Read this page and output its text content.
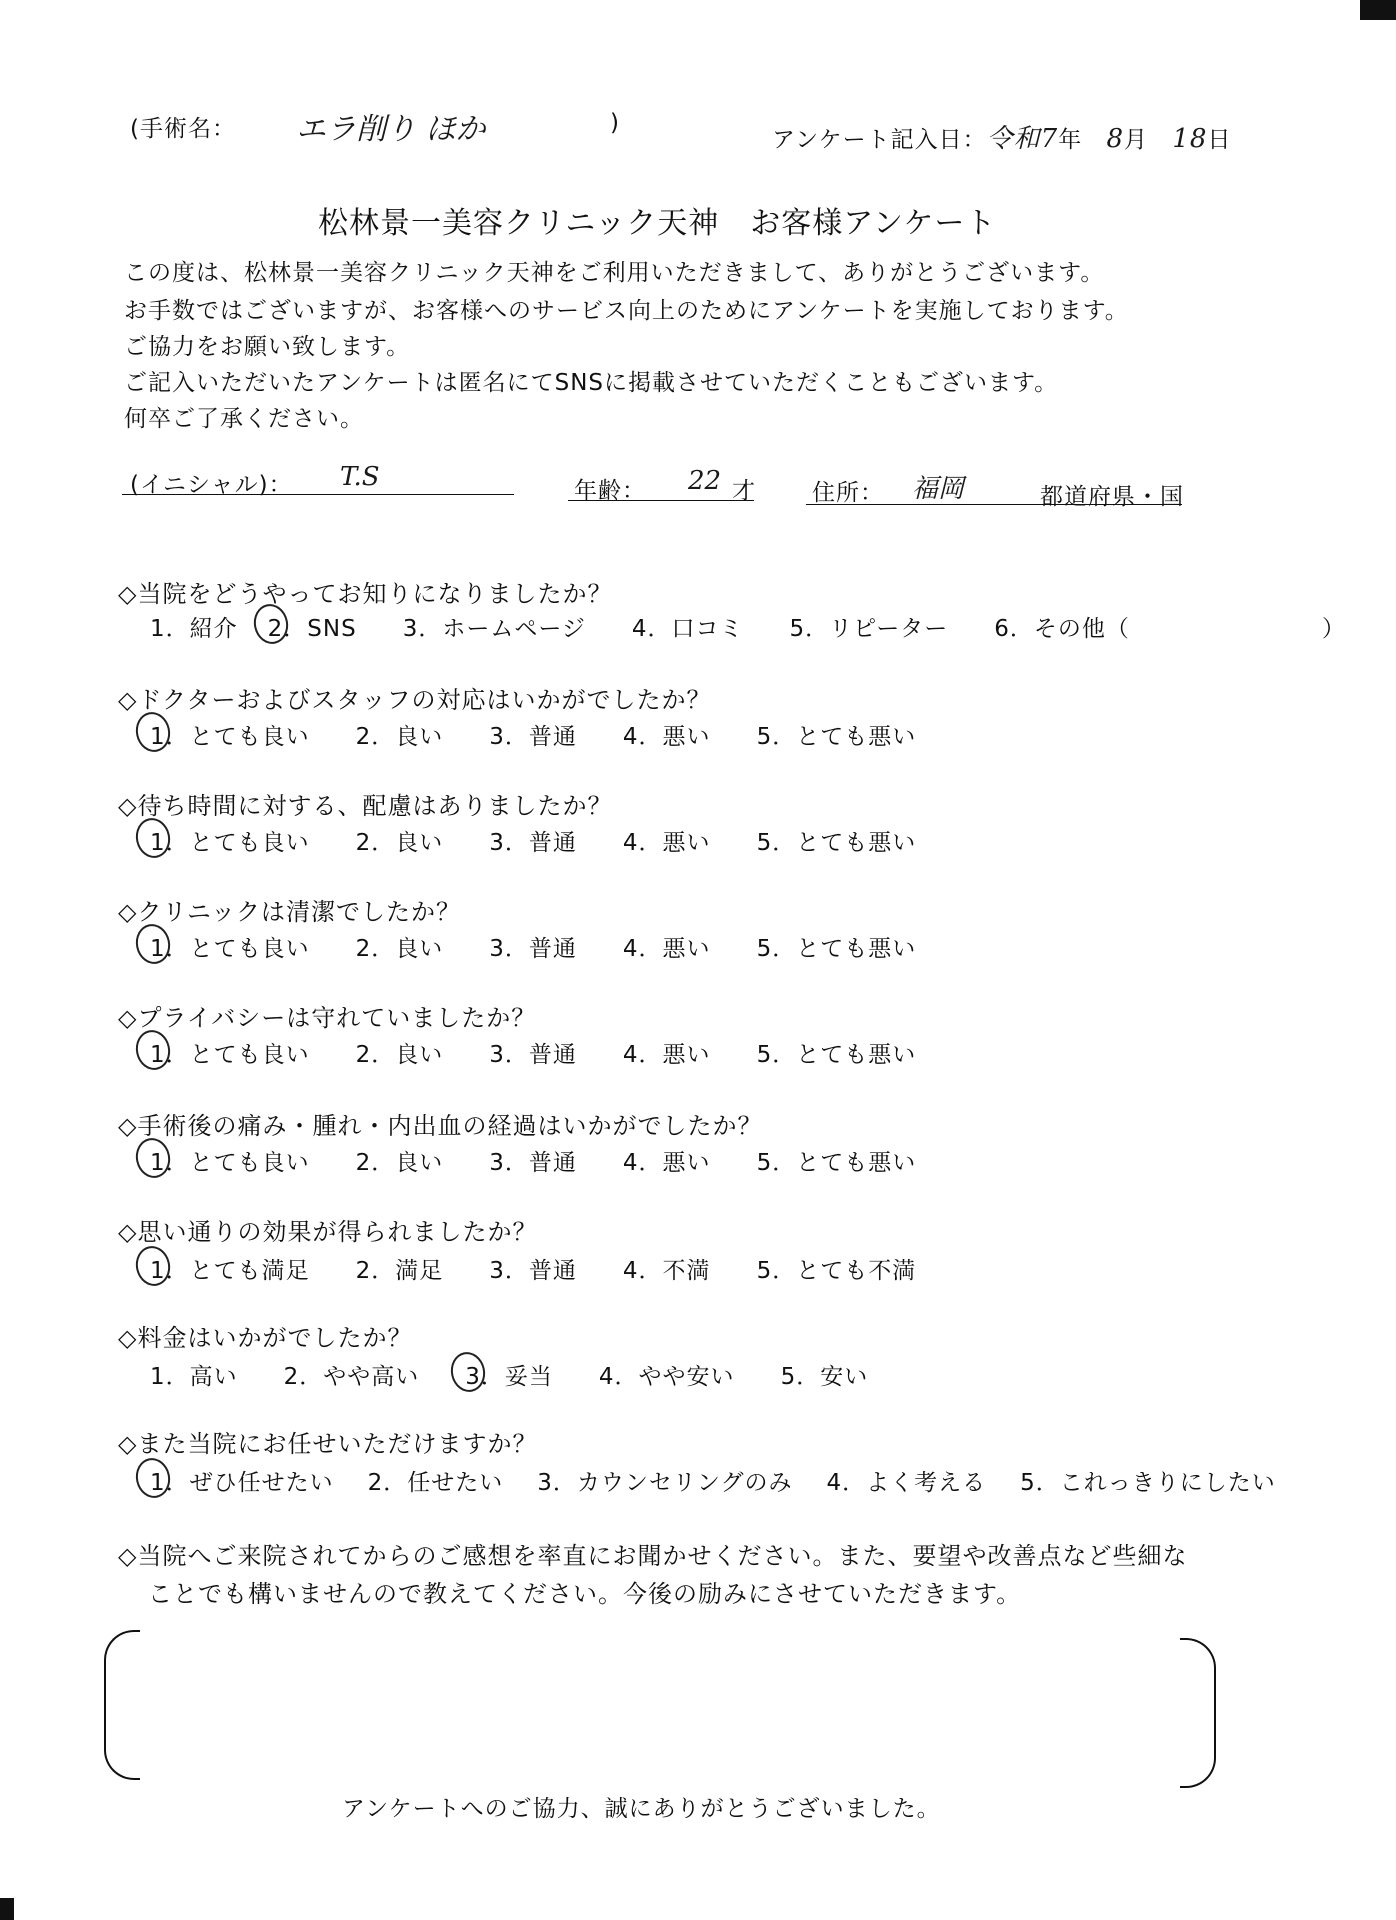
(手術名： エラ削り ほか	)
アンケート記入日：令和7年 8月 18日
松林景一美容クリニック天神　お客様アンケート
この度は、松林景一美容クリニック天神をご利用いただきまして、ありがとうございます。
お手数ではございますが、お客様へのサービス向上のためにアンケートを実施しております。
ご協力をお願い致します。
ご記入いただいたアンケートは匿名にてSNSに掲載させていただくこともございます。
何卒ご了承ください。
(イニシャル)： T.S	年齢： 22 才 住所： 福岡	都道府県・国
◇当院をどうやってお知りになりましたか？
1．紹介 2．SNS 3．ホームページ 4．口コミ 5．リピーター 6．その他（　　　　　　　　）
◇ドクターおよびスタッフの対応はいかがでしたか？
1．とても良い 2．良い 3．普通 4．悪い 5．とても悪い
◇待ち時間に対する、配慮はありましたか？
1．とても良い 2．良い 3．普通 4．悪い 5．とても悪い
◇クリニックは清潔でしたか？
1．とても良い 2．良い 3．普通 4．悪い 5．とても悪い
◇プライバシーは守れていましたか？
1．とても良い 2．良い 3．普通 4．悪い 5．とても悪い
◇手術後の痛み・腫れ・内出血の経過はいかがでしたか？
1．とても良い 2．良い 3．普通 4．悪い 5．とても悪い
◇思い通りの効果が得られましたか？
1．とても満足 2．満足 3．普通 4．不満 5．とても不満
◇料金はいかがでしたか？
1．高い 2．やや高い 3．妥当 4．やや安い 5．安い
◇また当院にお任せいただけますか？
1．ぜひ任せたい 2．任せたい 3．カウンセリングのみ 4．よく考える 5．これっきりにしたい
◇当院へご来院されてからのご感想を率直にお聞かせください。また、要望や改善点など些細な
ことでも構いませんので教えてください。今後の励みにさせていただきます。
アンケートへのご協力、誠にありがとうございました。
